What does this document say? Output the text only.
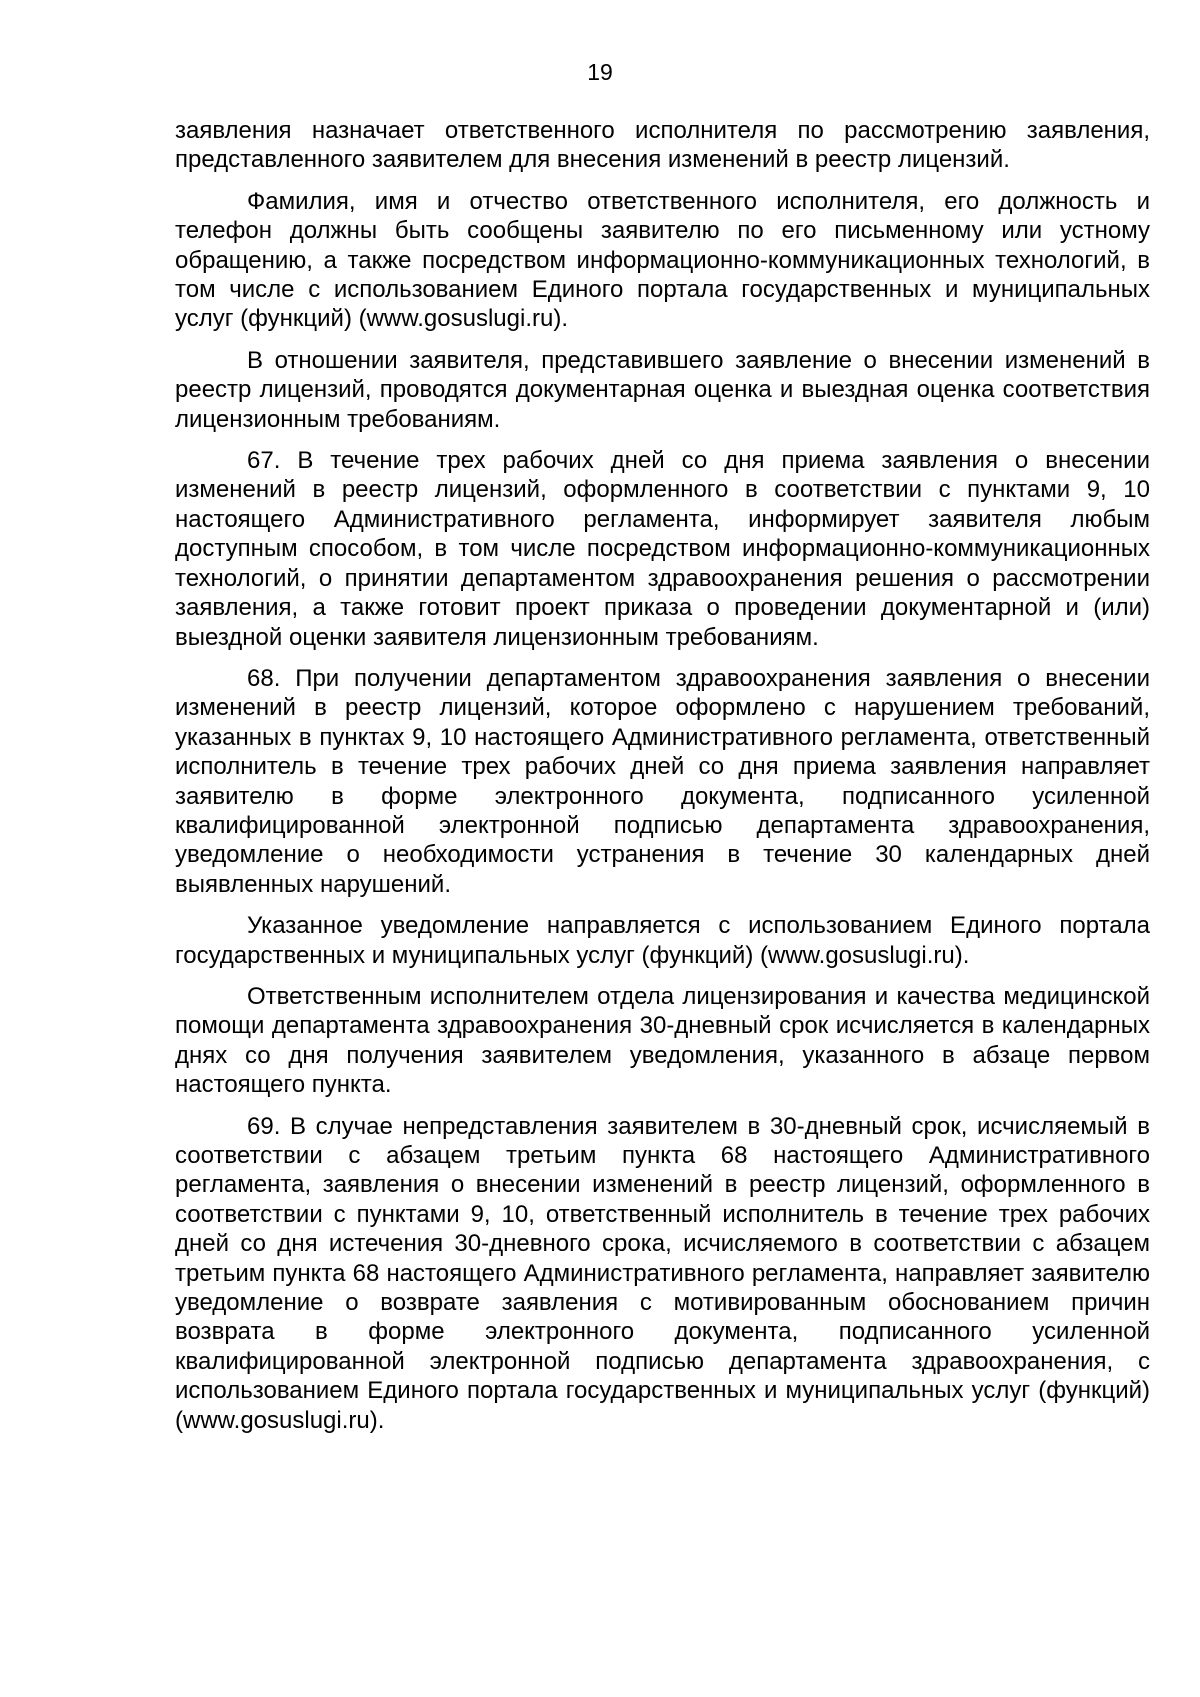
19

заявления назначает ответственного исполнителя по рассмотрению заявления, представленного заявителем для внесения изменений в реестр лицензий.

Фамилия, имя и отчество ответственного исполнителя, его должность и телефон должны быть сообщены заявителю по его письменному или устному обращению, а также посредством информационно-коммуникационных технологий, в том числе с использованием Единого портала государственных и муниципальных услуг (функций) (www.gosuslugi.ru).

В отношении заявителя, представившего заявление о внесении изменений в реестр лицензий, проводятся документарная оценка и выездная оценка соответствия лицензионным требованиям.

67. В течение трех рабочих дней со дня приема заявления о внесении изменений в реестр лицензий, оформленного в соответствии с пунктами 9, 10 настоящего Административного регламента, информирует заявителя любым доступным способом, в том числе посредством информационно-коммуникационных технологий, о принятии департаментом здравоохранения решения о рассмотрении заявления, а также готовит проект приказа о проведении документарной и (или) выездной оценки заявителя лицензионным требованиям.

68. При получении департаментом здравоохранения заявления о внесении изменений в реестр лицензий, которое оформлено с нарушением требований, указанных в пунктах 9, 10 настоящего Административного регламента, ответственный исполнитель в течение трех рабочих дней со дня приема заявления направляет заявителю в форме электронного документа, подписанного усиленной квалифицированной электронной подписью департамента здравоохранения, уведомление о необходимости устранения в течение 30 календарных дней выявленных нарушений.

Указанное уведомление направляется с использованием Единого портала государственных и муниципальных услуг (функций) (www.gosuslugi.ru).

Ответственным исполнителем отдела лицензирования и качества медицинской помощи департамента здравоохранения 30-дневный срок исчисляется в календарных днях со дня получения заявителем уведомления, указанного в абзаце первом настоящего пункта.

69. В случае непредставления заявителем в 30-дневный срок, исчисляемый в соответствии с абзацем третьим пункта 68 настоящего Административного регламента, заявления о внесении изменений в реестр лицензий, оформленного в соответствии с пунктами 9, 10, ответственный исполнитель в течение трех рабочих дней со дня истечения 30-дневного срока, исчисляемого в соответствии с абзацем третьим пункта 68 настоящего Административного регламента, направляет заявителю уведомление о возврате заявления с мотивированным обоснованием причин возврата в форме электронного документа, подписанного усиленной квалифицированной электронной подписью департамента здравоохранения, с использованием Единого портала государственных и муниципальных услуг (функций) (www.gosuslugi.ru).
